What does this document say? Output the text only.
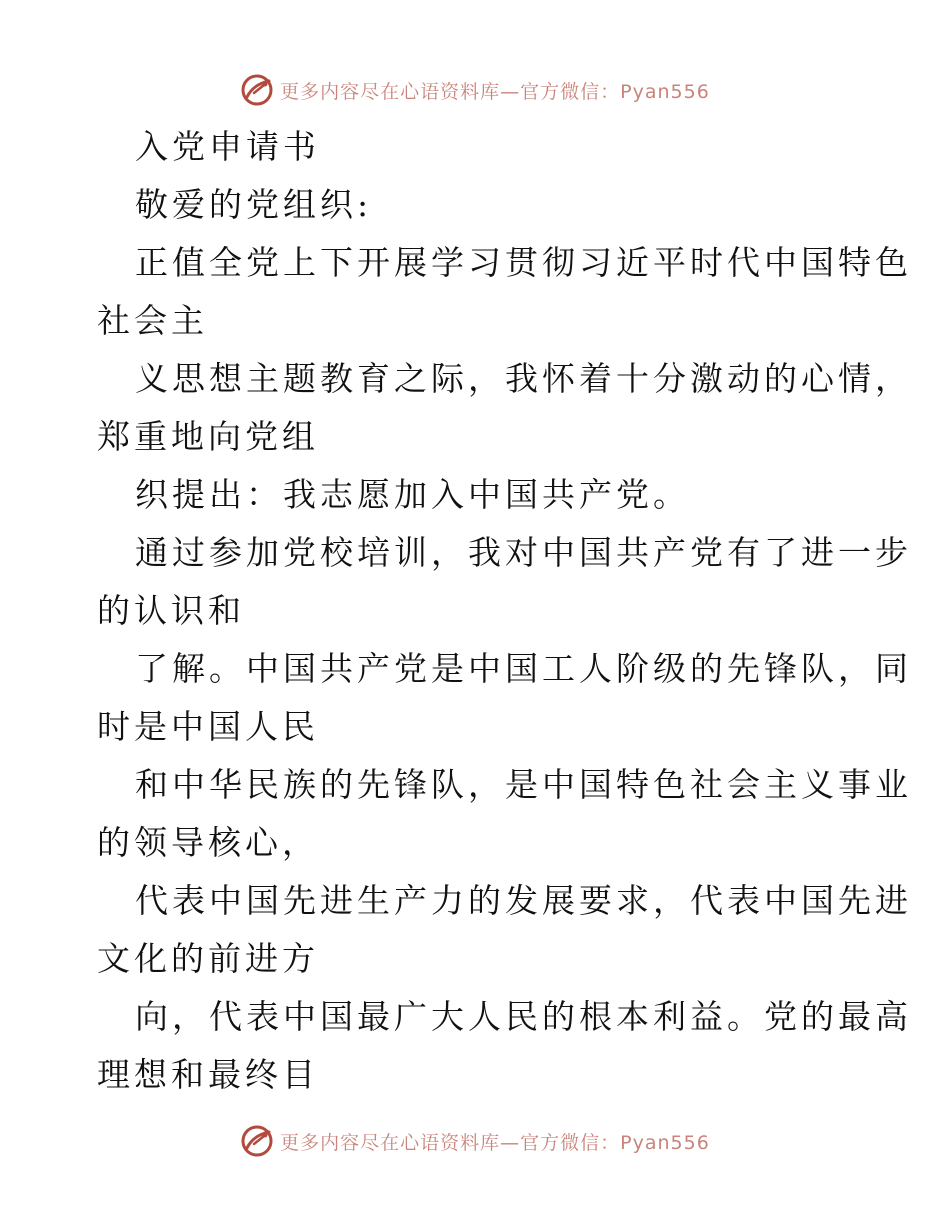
更多内容尽在心语资料库—官方微信：Pyan556
入党申请书
敬爱的党组织:
正值全党上下开展学习贯彻习近平时代中国特色
社会主
义思想主题教育之际，我怀着十分激动的心情，
郑重地向党组
织提出：我志愿加入中国共产党。
通过参加党校培训，我对中国共产党有了进一步
的认识和
了解。中国共产党是中国工人阶级的先锋队，同
时是中国人民
和中华民族的先锋队，是中国特色社会主义事业
的领导核心，
代表中国先进生产力的发展要求，代表中国先进
文化的前进方
向，代表中国最广大人民的根本利益。党的最高
理想和最终目
更多内容尽在心语资料库—官方微信：Pyan556
